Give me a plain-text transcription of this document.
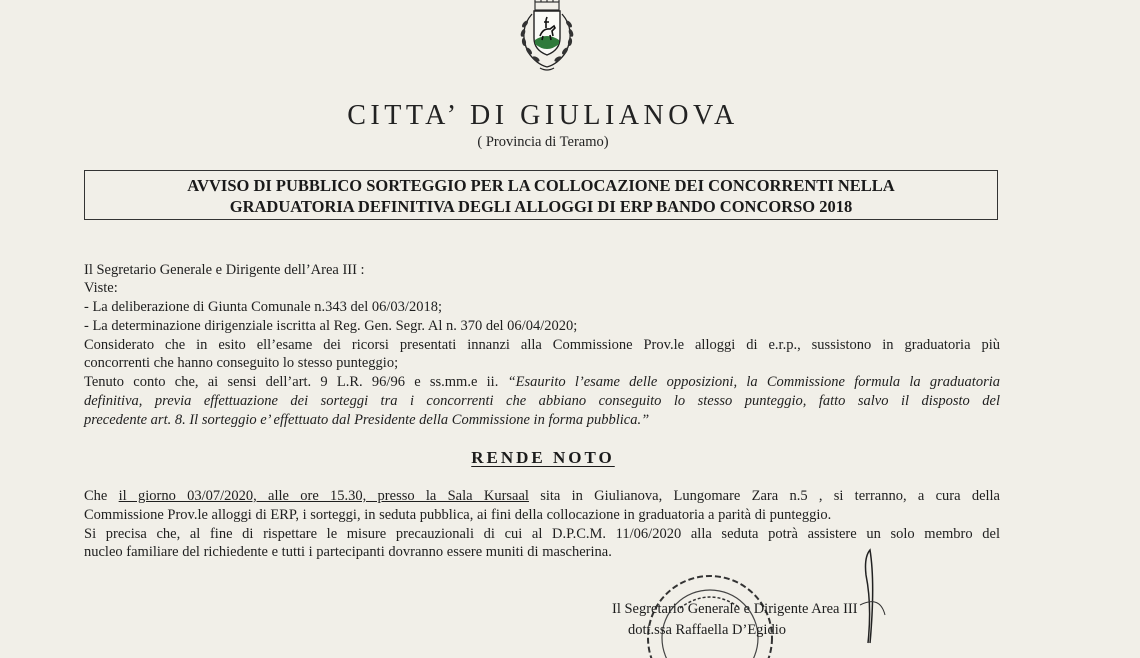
CITTA’ DI GIULIANOVA
( Provincia di Teramo)
AVVISO DI PUBBLICO SORTEGGIO PER LA COLLOCAZIONE DEI CONCORRENTI NELLA
GRADUATORIA DEFINITIVA DEGLI ALLOGGI DI ERP BANDO CONCORSO 2018
Il Segretario Generale e Dirigente dell’Area III :
Viste:
- La deliberazione di Giunta Comunale n.343 del 06/03/2018;
- La determinazione dirigenziale iscritta al Reg. Gen. Segr. Al n. 370 del 06/04/2020;
Considerato che in esito ell’esame dei ricorsi presentati innanzi alla Commissione Prov.le alloggi di e.r.p., sussistono in graduatoria più
concorrenti che hanno conseguito lo stesso punteggio;
Tenuto conto che, ai sensi dell’art. 9 L.R. 96/96 e ss.mm.e ii. “Esaurito l’esame delle opposizioni, la Commissione formula la graduatoria
definitiva, previa effettuazione dei sorteggi tra i concorrenti che abbiano conseguito lo stesso punteggio, fatto salvo il disposto del
precedente art. 8. Il sorteggio e’ effettuato dal Presidente della Commissione in forma pubblica.”
RENDE NOTO
Che il giorno 03/07/2020, alle ore 15.30, presso la Sala Kursaal sita in Giulianova, Lungomare Zara n.5 , si terranno, a cura della
Commissione Prov.le alloggi di ERP, i sorteggi, in seduta pubblica, ai fini della collocazione in graduatoria a parità di punteggio.
Si precisa che, al fine di rispettare le misure precauzionali di cui al D.P.C.M. 11/06/2020 alla seduta potrà assistere un solo membro del
nucleo familiare del richiedente e tutti i partecipanti dovranno essere muniti di mascherina.
Il Segretario Generale e Dirigente Area III
dott.ssa Raffaella D’Egidio
